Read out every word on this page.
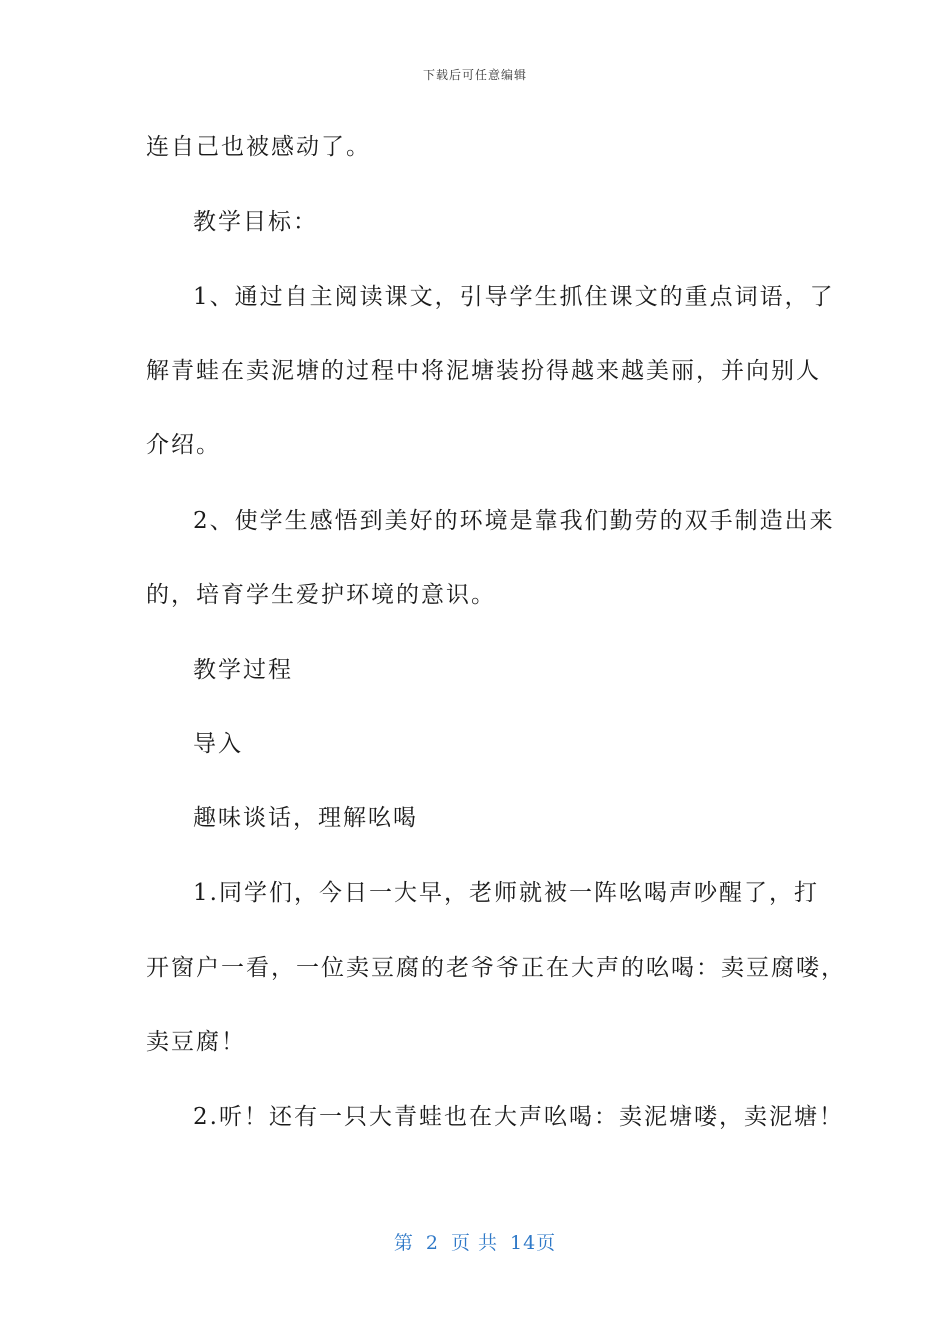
下载后可任意编辑
连自己也被感动了。
教学目标：
1、通过自主阅读课文，引导学生抓住课文的重点词语，了
解青蛙在卖泥塘的过程中将泥塘装扮得越来越美丽，并向别人
介绍。
2、使学生感悟到美好的环境是靠我们勤劳的双手制造出来
的，培育学生爱护环境的意识。
教学过程
导入
趣味谈话，理解吆喝
1.同学们，今日一大早，老师就被一阵吆喝声吵醒了，打
开窗户一看，一位卖豆腐的老爷爷正在大声的吆喝：卖豆腐喽，
卖豆腐！
2.听！还有一只大青蛙也在大声吆喝：卖泥塘喽，卖泥塘！
第 2 页 共 14页
